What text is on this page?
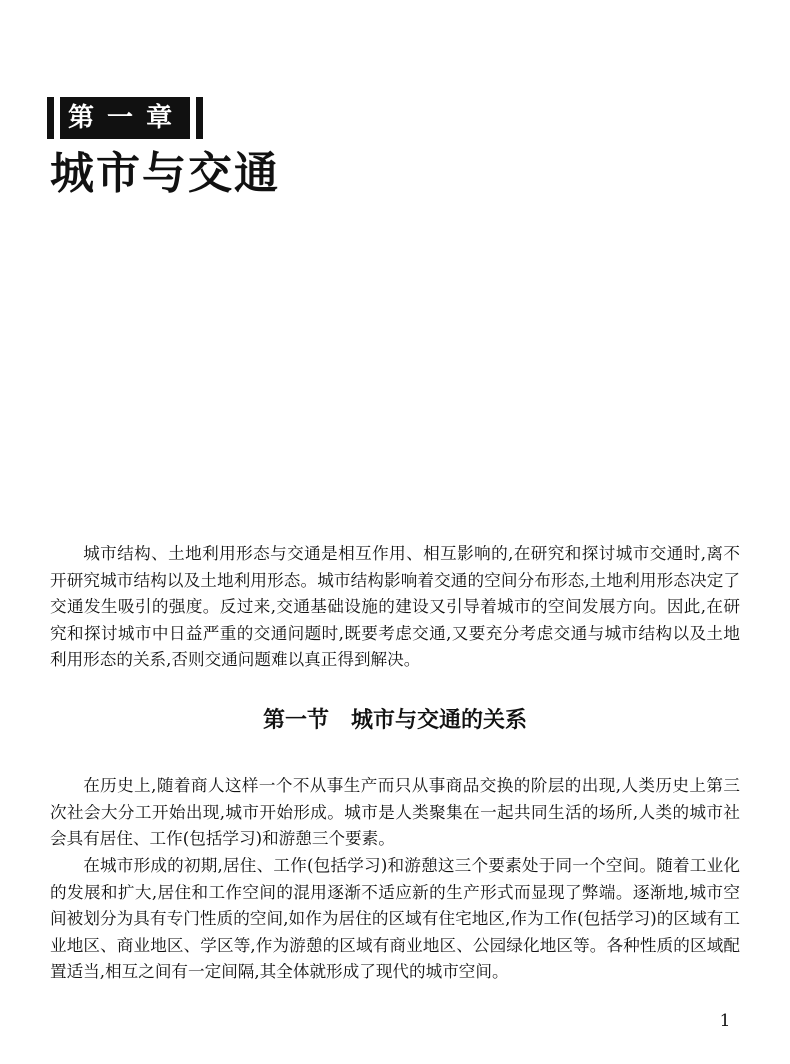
第 一 章
城市与交通

城市结构、土地利用形态与交通是相互作用、相互影响的,在研究和探讨城市交通时,离不开研究城市结构以及土地利用形态。城市结构影响着交通的空间分布形态,土地利用形态决定了交通发生吸引的强度。反过来,交通基础设施的建设又引导着城市的空间发展方向。因此,在研究和探讨城市中日益严重的交通问题时,既要考虑交通,又要充分考虑交通与城市结构以及土地利用形态的关系,否则交通问题难以真正得到解决。

第一节　城市与交通的关系

在历史上,随着商人这样一个不从事生产而只从事商品交换的阶层的出现,人类历史上第三次社会大分工开始出现,城市开始形成。城市是人类聚集在一起共同生活的场所,人类的城市社会具有居住、工作(包括学习)和游憩三个要素。

在城市形成的初期,居住、工作(包括学习)和游憩这三个要素处于同一个空间。随着工业化的发展和扩大,居住和工作空间的混用逐渐不适应新的生产形式而显现了弊端。逐渐地,城市空间被划分为具有专门性质的空间,如作为居住的区域有住宅地区,作为工作(包括学习)的区域有工业地区、商业地区、学区等,作为游憩的区域有商业地区、公园绿化地区等。各种性质的区域配置适当,相互之间有一定间隔,其全体就形成了现代的城市空间。

1
